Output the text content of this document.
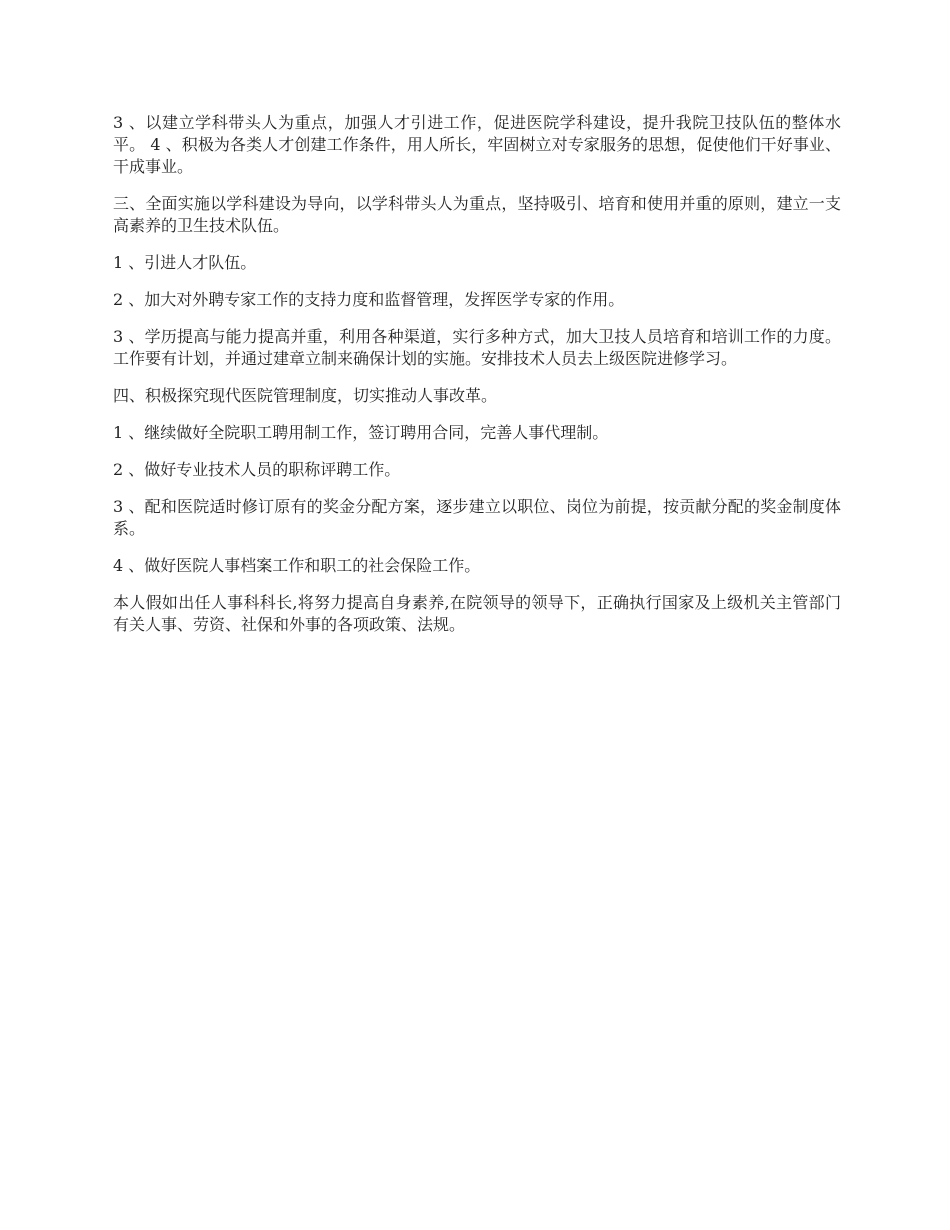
3 、以建立学科带头人为重点，加强人才引进工作，促进医院学科建设，提升我院卫技队伍的整体水平。 4 、积极为各类人才创建工作条件，用人所长，牢固树立对专家服务的思想，促使他们干好事业、干成事业。

三、全面实施以学科建设为导向，以学科带头人为重点，坚持吸引、培育和使用并重的原则，建立一支高素养的卫生技术队伍。

1 、引进人才队伍。

2 、加大对外聘专家工作的支持力度和监督管理，发挥医学专家的作用。

3 、学历提高与能力提高并重，利用各种渠道，实行多种方式，加大卫技人员培育和培训工作的力度。工作要有计划，并通过建章立制来确保计划的实施。安排技术人员去上级医院进修学习。

四、积极探究现代医院管理制度，切实推动人事改革。

1 、继续做好全院职工聘用制工作，签订聘用合同，完善人事代理制。

2 、做好专业技术人员的职称评聘工作。

3 、配和医院适时修订原有的奖金分配方案，逐步建立以职位、岗位为前提，按贡献分配的奖金制度体系。

4 、做好医院人事档案工作和职工的社会保险工作。

本人假如出任人事科科长,将努力提高自身素养,在院领导的领导下，正确执行国家及上级机关主管部门有关人事、劳资、社保和外事的各项政策、法规。
